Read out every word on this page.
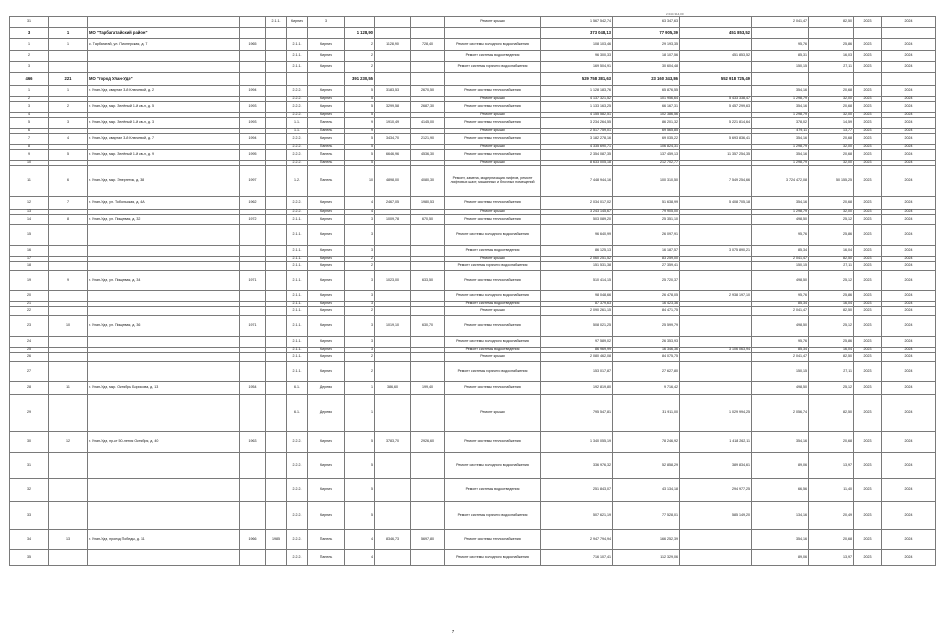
2 044 314,00
31				2.1.1.	Кирпич	3				Ремонт крыши	1 567 542,74	63 347,63		2 041,47	82,50	2023	2024
3	1	МО "Тарбагатайский район"					1 128,90				373 048,13	77 905,39	451 853,52				
1	1	с. Тарбагатай, ул. Пионерская, д. 7	1965		2.1.1.	Кирпич	2	1128,90	728,40	Ремонт системы холодного водоснабжения	108 103,46	29 193,35		95,76	25,86	2023	2024
2					2.1.1.	Кирпич	2			Ремонт системы водоотведения	96 300,33	18 107,56	451 853,52	85,31	16,03	2023	2024
3					2.1.1.	Кирпич	2			Ремонт системы горячего водоснабжения	169 504,91	30 604,48		150,15	27,11	2023	2024
466	221	МО "город Улан-Удэ"					391 230,55				529 758 381,63	23 160 343,86	552 918 725,49				
1	1	г. Улан-Удэ, квартал 3-й Ключевой, д. 2	1994		2.2.2.	Кирпич	5	3183,53	2670,50	Ремонт системы теплоснабжения	1 128 183,76	65 876,55		354,16	20,68	2023	2024
2					2.2.2.	Кирпич	5			Ремонт крыши	4 137 321,52	101 956,64	5 433 338,47	1 298,79	32,00	2023	2024
3	2	г. Улан-Удэ, мкр. Зелёный 1-й кв-л, д. 5	1993		2.2.2.	Кирпич	5	3299,58	2687,30	Ремонт системы теплоснабжения	1 133 163,25	66 167,31	5 457 299,63	354,16	20,68	2023	2024
4					2.2.2.	Кирпич	5			Ремонт крыши	4 155 582,51	102 386,56		1 298,79	32,00	2023	2024
5	3	г. Улан-Удэ, мкр. Зелёный 1-й кв-л, д. 3	1993		1.1.	Панель	9	1910,49	4145,00	Ремонт системы теплоснабжения	3 234 264,55	86 201,32	5 221 814,64	378,02	14,59	2023	2024
6					1.1.	Панель	9			Ремонт крыши	2 517 759,01	69 565,85		479,11	13,77	2023	2024
7	4	г. Улан-Удэ, квартал 3-й Ключевой, д. 7	1994		2.2.2.	Кирпич	5	3434,70	2121,90	Ремонт системы теплоснабжения	3 182 278,16	69 035,22	5 693 836,41	354,16	20,68	2023	2024
8					2.2.2.	Панель	5			Ремонт крыши	4 335 690,71	106 824,31		1 298,79	32,00	2023	2024
9	5	г. Улан-Удэ, мкр. Зелёный 1-й кв-л, д. 9	1995		2.2.2.	Панель	5	6646,96	4536,30	Ремонт системы теплоснабжения	2 354 087,35	137 459,13	11 357 254,35	354,16	20,68	2023	2024
10					2.2.2.	Панель	5			Ремонт крыши	8 633 005,18	212 702,77		1 298,79	32,00	2023	2024
11	6	г. Улан-Удэ, мкр. Энергетик, д. 38	1997		1.2.	Панель	10	4898,00	4080,30	Ремонт, замена, модернизация лифтов, ремонт лифтовых шахт, машинных и блочных помещений	7 448 944,16	100 310,50	7 549 254,66	3 724 472,08	50 155,25	2023	2024
12	7	г. Улан-Удэ, ул. Тобольская, д. 4А	1962		2.2.2.	Кирпич	4	2467,05	1980,53	Ремонт системы теплоснабжения	2 034 017,02	51 638,99	5 408 705,18	354,16	20,68	2023	2024
13					2.2.2.	Кирпич	4			Ремонт крыши	3 243 145,67	79 905,00		1 298,79	32,00	2023	2024
14	8	г. Улан-Удэ, ул. Пищевая, д. 32	1972		2.1.1.	Кирпич	3	1009,78	670,50	Ремонт системы теплоснабжения	503 089,20	25 351,10		498,50	25,12	2023	2024
15					2.1.1.	Кирпич	3			Ремонт системы холодного водоснабжения	96 640,99	26 097,91		95,76	25,86	2023	2024
16					2.1.1.	Кирпич	3			Ремонт системы водоотведения	86 125,13	16 187,57	3 075 890,21	85,34	16,04	2023	2024
17					2.1.1.	Кирпич	2			Ремонт крыши	2 060 251,52	83 259,00		2 041,47	82,50	2023	2024
18					2.1.1.	Кирпич	2			Ремонт системы горячего водоснабжения	151 531,38	27 359,41		150,15	27,11	2023	2024
19	9	г. Улан-Удэ, ул. Пищевая, д. 34	1971		2.1.1.	Кирпич	3	1023,00	633,50	Ремонт системы теплоснабжения	510 414,15	25 720,37		498,50	25,12	2023	2024
20					2.1.1.	Кирпич	3			Ремонт системы холодного водоснабжения	98 048,66	26 478,05	2 938 197,10	95,76	25,86	2023	2024
21					2.1.1.	Кирпич	3			Ремонт системы водоотведения	87 379,63	16 423,36		85,34	16,04	2023	2024
22					2.1.1.	Кирпич	2			Ремонт крыши	2 090 261,15	84 471,75		2 041,47	82,50	2023	2024
23	10	г. Улан-Удэ, ул. Пищевая, д. 36	1971		2.1.1.	Кирпич	3	1019,10	630,70	Ремонт системы теплоснабжения	508 021,25	25 599,79		498,50	25,12	2023	2024
24					2.1.1.	Кирпич	3			Ремонт системы холодного водоснабжения	97 589,02	26 353,93		95,76	25,86	2023	2024
25					2.1.1.	Кирпич	3			Ремонт системы водоотведения	86 969,99	16 346,36	3 106 063,94	85,34	16,04	2023	2024
26					2.1.1.	Кирпич	2			Ремонт крыши	2 080 462,08	84 075,75		2 041,47	82,50	2023	2024
27					2.1.1.	Кирпич	2			Ремонт системы горячего водоснабжения	153 017,87	27 627,80		150,15	27,11	2023	2024
28	11	г. Улан-Удэ, мкр. Октябрь Борисова, д. 13	1954		6.1.	Дерево	1	386,60	199,40	Ремонт системы теплоснабжения	192 819,80	9 716,42		498,50	25,12	2023	2024
29					6.1.	Дерево	1			Ремонт крыши	795 547,81	31 911,00	1 029 994,25	2 056,74	82,50	2023	2024
30	12	г. Улан-Удэ, пр-кт 50-летия Октября, д. 40	1963		2.2.2.	Кирпич	5	3783,70	2926,60	Ремонт системы теплоснабжения	1 340 055,19	78 246,92	1 418 262,11	354,16	20,68	2023	2024
31					2.2.2.	Кирпич	5			Ремонт системы холодного водоснабжения	336 976,32	52 858,29	389 834,61	89,06	13,97	2023	2024
32					2.2.2.	Кирпич	5			Ремонт системы водоотведения	251 843,07	43 134,18	294 977,25	66,56	11,40	2023	2024
33					2.2.2.	Кирпич	5			Ремонт системы горячего водоснабжения	507 621,19	77 528,01	585 149,20	134,16	20,49	2023	2024
34	13	г. Улан-Удэ, проезд Победы, д. 11	1966	1985	2.2.2.	Панель	4	8346,73	5697,80	Ремонт системы теплоснабжения	2 947 794,94	166 252,39		354,16	20,68	2023	2024
35					2.2.2.	Панель	4			Ремонт системы холодного водоснабжения	716 107,41	112 329,06		89,06	13,97	2023	2024
7
